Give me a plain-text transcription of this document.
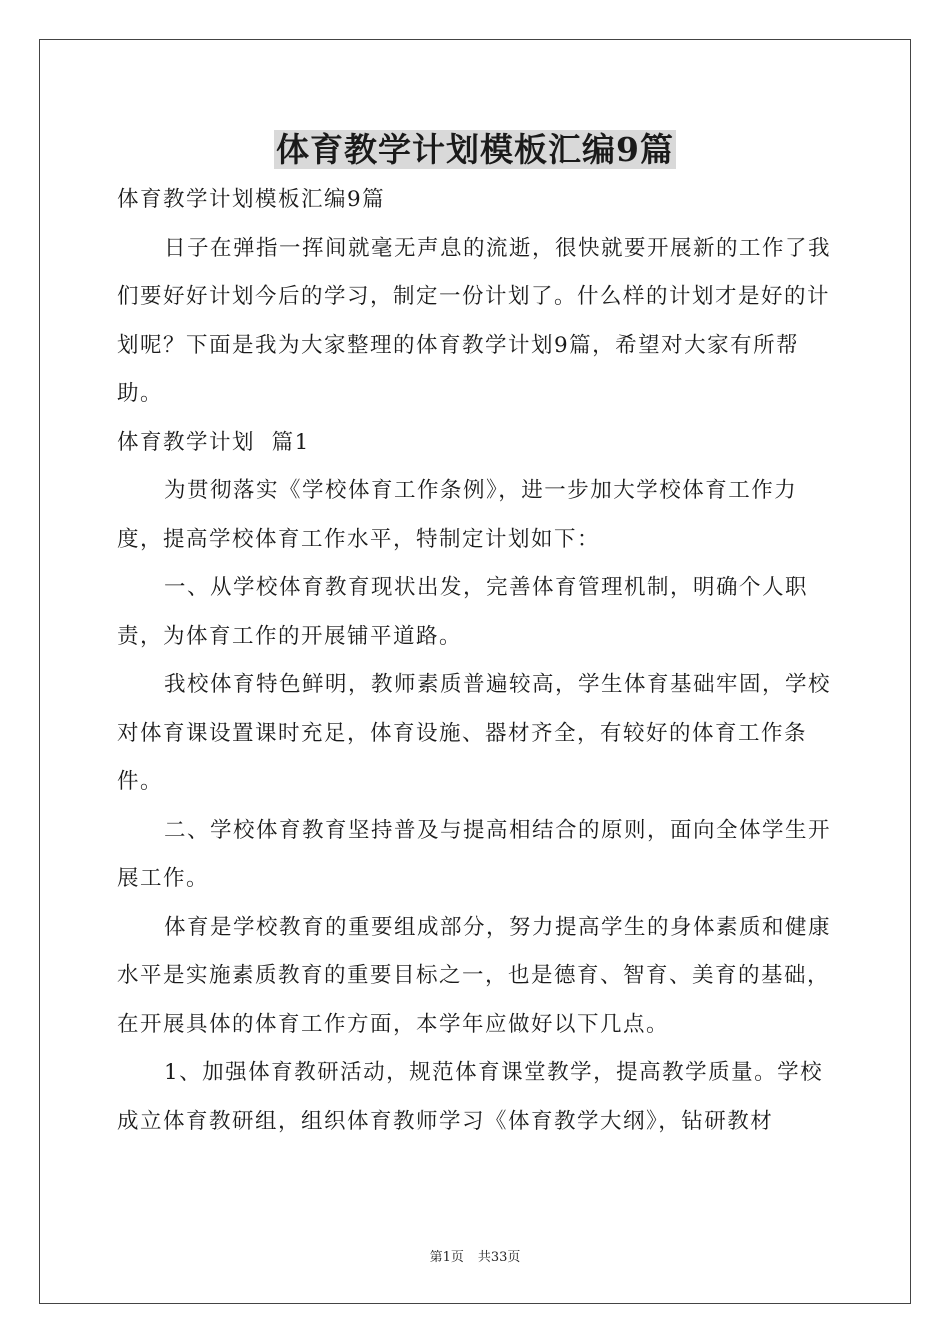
体育教学计划模板汇编9篇

体育教学计划模板汇编9篇

日子在弹指一挥间就毫无声息的流逝，很快就要开展新的工作了我们要好好计划今后的学习，制定一份计划了。什么样的计划才是好的计划呢？下面是我为大家整理的体育教学计划9篇，希望对大家有所帮助。

体育教学计划  篇1

为贯彻落实《学校体育工作条例》，进一步加大学校体育工作力度，提高学校体育工作水平，特制定计划如下：

一、从学校体育教育现状出发，完善体育管理机制，明确个人职责，为体育工作的开展铺平道路。

我校体育特色鲜明，教师素质普遍较高，学生体育基础牢固，学校对体育课设置课时充足，体育设施、器材齐全，有较好的体育工作条件。

二、学校体育教育坚持普及与提高相结合的原则，面向全体学生开展工作。

体育是学校教育的重要组成部分，努力提高学生的身体素质和健康水平是实施素质教育的重要目标之一，也是德育、智育、美育的基础，在开展具体的体育工作方面，本学年应做好以下几点。

1、加强体育教研活动，规范体育课堂教学，提高教学质量。学校成立体育教研组，组织体育教师学习《体育教学大纲》，钻研教材

第1页 共33页
